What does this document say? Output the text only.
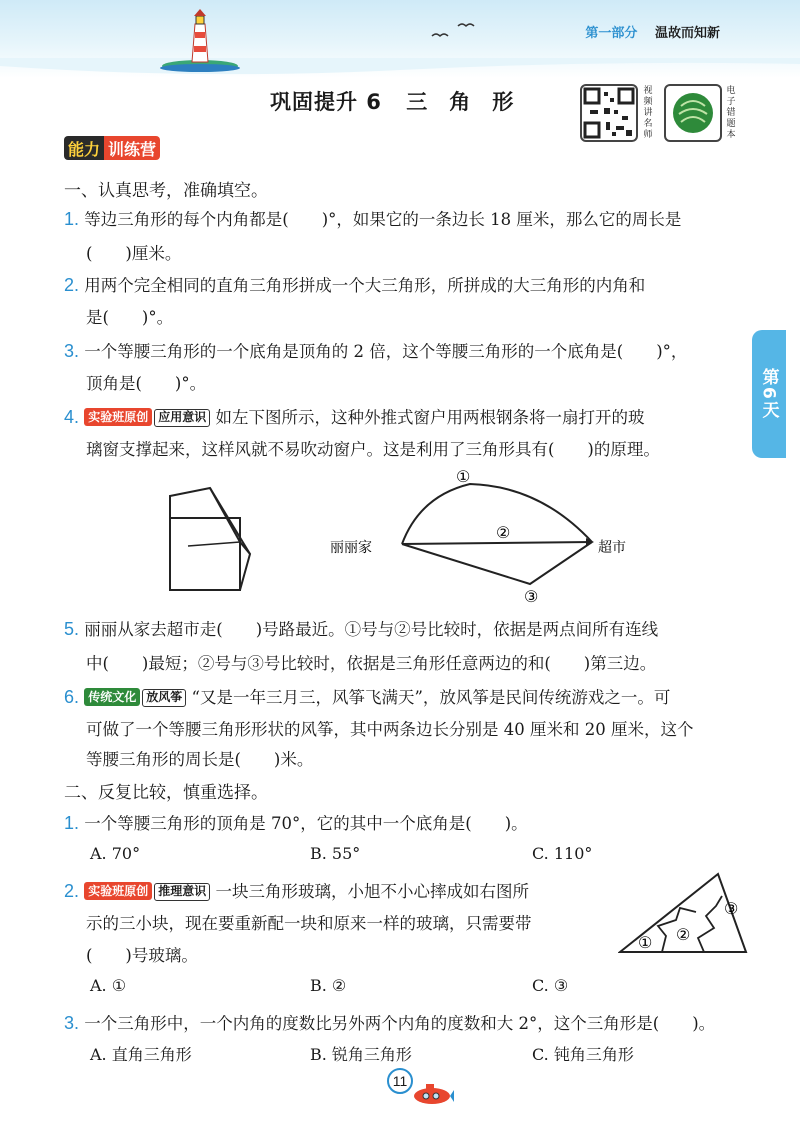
第一部分 温故而知新
巩固提升 6 三角形	视频讲名师
电子错题本
能力 训练营
第6天
一、认真思考，准确填空。
1. 等边三角形的每个内角都是(　　)°，如果它的一条边长 18 厘米，那么它的周长是
(　　)厘米。
2. 用两个完全相同的直角三角形拼成一个大三角形，所拼成的大三角形的内角和
是(　　)°。
3. 一个等腰三角形的一个底角是顶角的 2 倍，这个等腰三角形的一个底角是(　　)°，
顶角是(　　)°。
4. 实验班原创 应用意识 如左下图所示，这种外推式窗户用两根钢条将一扇打开的玻
璃窗支撑起来，这样风就不易吹动窗户。这是利用了三角形具有(　　)的原理。
丽丽家	超市
①
②
③
5. 丽丽从家去超市走(　　)号路最近。①号与②号比较时，依据是两点间所有连线
中(　　)最短；②号与③号比较时，依据是三角形任意两边的和(　　)第三边。
6. 传统文化 放风筝 “又是一年三月三，风筝飞满天”，放风筝是民间传统游戏之一。可
可做了一个等腰三角形形状的风筝，其中两条边长分别是 40 厘米和 20 厘米，这个
等腰三角形的周长是(　　)米。
二、反复比较，慎重选择。
1. 一个等腰三角形的顶角是 70°，它的其中一个底角是(　　)。
A. 70°	B. 55°	C. 110°
2. 实验班原创 推理意识 一块三角形玻璃，小旭不小心摔成如右图所
示的三小块，现在要重新配一块和原来一样的玻璃，只需要带
(　　)号玻璃。
① ②
③
A. ①	B. ②	C. ③
3. 一个三角形中，一个内角的度数比另外两个内角的度数和大 2°，这个三角形是(　　)。
A. 直角三角形	B. 锐角三角形	C. 钝角三角形
11
